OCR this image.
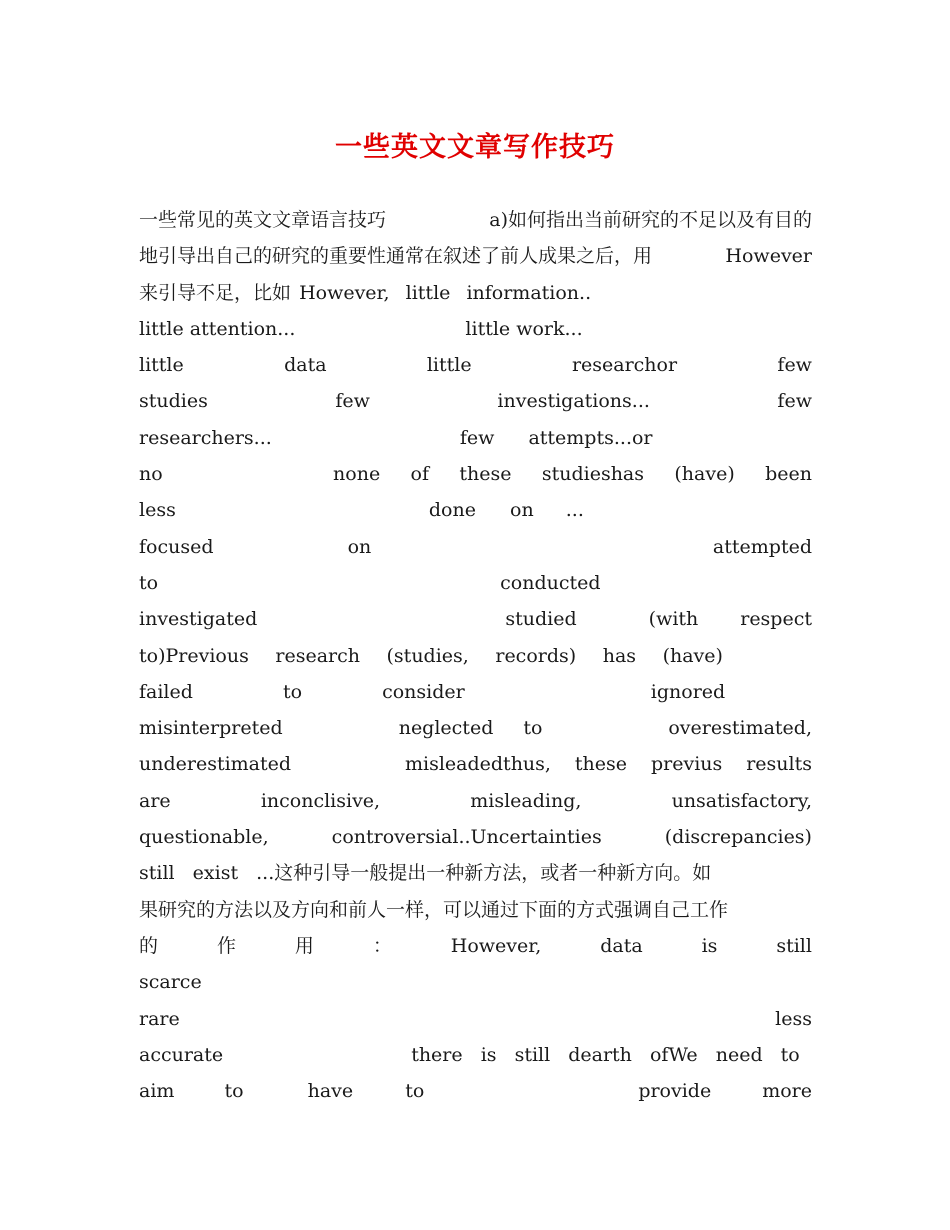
一些英文文章写作技巧
一些常见的英文文章语言技巧	a)如何指出当前研究的不足以及有目的
地引导出自己的研究的重要性通常在叙述了前人成果之后，用	However
来引导不足，比如 However, little information..
little attention...	little work...
little	data	little	researchor	few
studies	few	investigations...	few
researchers...	few attempts...or
no	none of these studieshas (have) been
less	done on ...
focused	on	attempted
to	conducted
investigated	studied	(with respect
to)Previous research (studies, records) has (have)
failed	to	consider	ignored
misinterpreted	neglected to	overestimated,
underestimated	misleadedthus, these previus results
are	inconclisive,	misleading,	unsatisfactory,
questionable,	controversial..Uncertainties	(discrepancies)
still exist ...这种引导一般提出一种新方法，或者一种新方向。如
果研究的方法以及方向和前人一样，可以通过下面的方式强调自己工作
的	作	用	：	However,	data	is	still
scarce
rare	less
accurate	there is still dearth ofWe need to
aim	to	have	to	provide	more
